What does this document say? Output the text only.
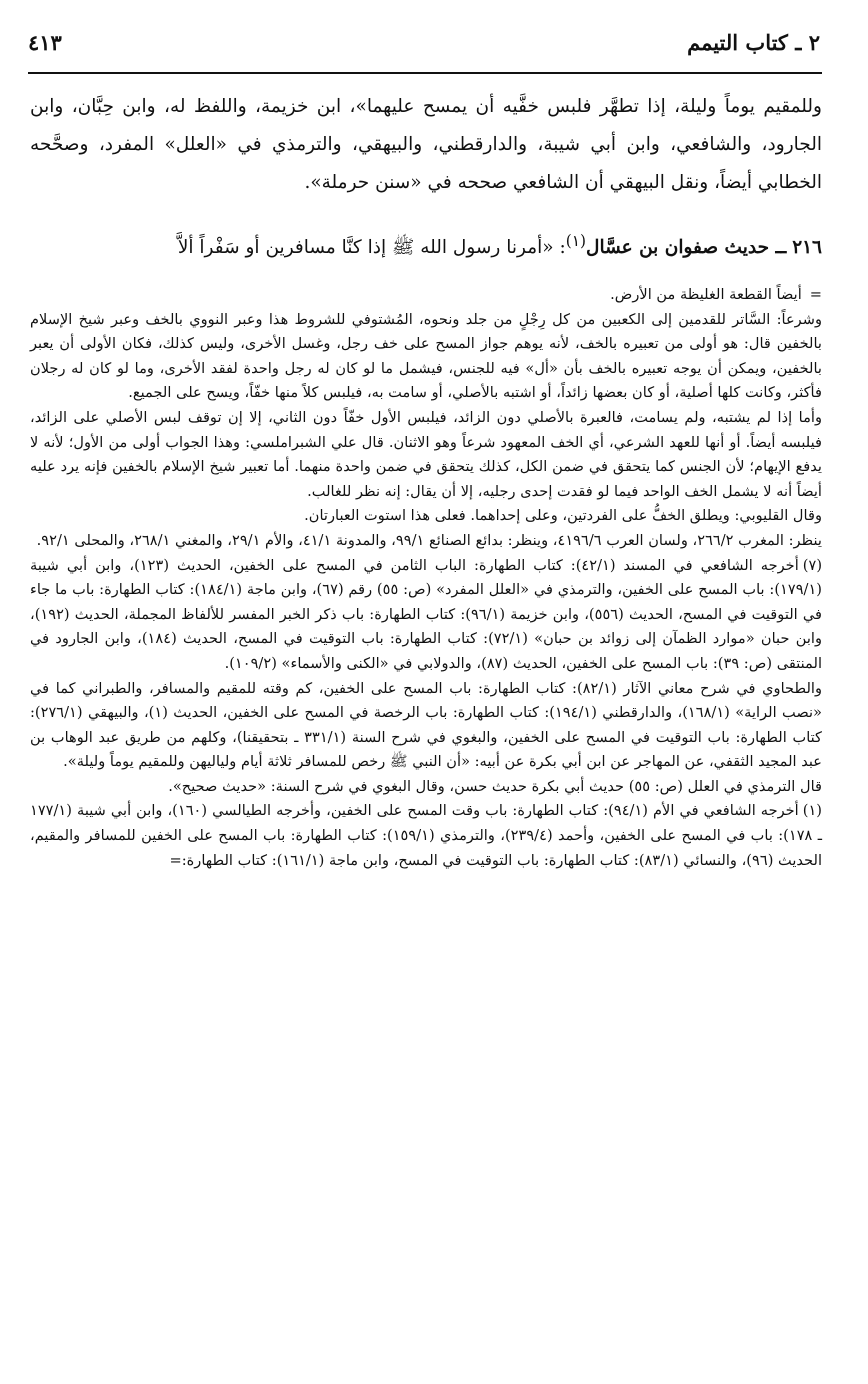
٢ ـ كتاب التيمم
٤١٣

وللمقيم يوماً وليلة، إذا تطهَّر فلبس خفَّيه أن يمسح عليهما»، ابن خزيمة، واللفظ له، وابن حِبَّان، وابن الجارود، والشافعي، وابن أبي شيبة، والدارقطني، والبيهقي، والترمذي في «العلل» المفرد، وصحَّحه الخطابي أيضاً، ونقل البيهقي أن الشافعي صححه في «سنن حرملة».

٢١٦ ــ حديث صفوان بن عسَّال$^{(١)}$: «أمرنا رسول الله ﷺ إذا كنَّا مسافرين أو سَفْراً ألاَّ

=أيضاً القطعة الغليظة من الأرض.

وشرعاً: السَّاتر للقدمين إلى الكعبين من كل رِجْلٍ من جلد ونحوه، المُشتوفي للشروط هذا وعبر النووي بالخف وعبر شيخ الإسلام بالخفين قال: هو أولى من تعبيره بالخف، لأنه يوهم جواز المسح على خف رجل، وغسل الأخرى، وليس كذلك، فكان الأولى أن يعبر بالخفين، ويمكن أن يوجه تعبيره بالخف بأن «أل» فيه للجنس، فيشمل ما لو كان له رجل واحدة لفقد الأخرى، وما لو كان له رجلان فأكثر، وكانت كلها أصلية، أو كان بعضها زائداً، أو اشتبه بالأصلي، أو سامت به، فيلبس كلاً منها خفّاً، ويسح على الجميع.

وأما إذا لم يشتبه، ولم يسامت، فالعبرة بالأصلي دون الزائد، فيلبس الأول خفّاً دون الثاني، إلا إن توقف لبس الأصلي على الزائد، فيلبسه أيضاً. أو أنها للعهد الشرعي، أي الخف المعهود شرعاً وهو الاثنان. قال علي الشبراملسي: وهذا الجواب أولى من الأول؛ لأنه لا يدفع الإيهام؛ لأن الجنس كما يتحقق في ضمن الكل، كذلك يتحقق في ضمن واحدة منهما. أما تعبير شيخ الإسلام بالخفين فإنه يرد عليه أيضاً أنه لا يشمل الخف الواحد فيما لو فقدت إحدى رجليه، إلا أن يقال: إنه نظر للغالب.

وقال القليوبي: ويطلق الخفُّ على الفردتين، وعلى إحداهما. فعلى هذا استوت العبارتان.

ينظر: المغرب ٢٦٦/٢، ولسان العرب ٤١٩٦/٦، وينظر: بدائع الصنائع ٩٩/١، والمدونة ٤١/١، والأم ٢٩/١، والمغني ٢٦٨/١، والمحلى ٩٢/١.

(٧)أخرجه الشافعي في المسند (٤٢/١): كتاب الطهارة: الباب الثامن في المسح على الخفين، الحديث (١٢٣)، وابن أبي شيبة (١٧٩/١): باب المسح على الخفين، والترمذي في «العلل المفرد» (ص: ٥٥) رقم (٦٧)، وابن ماجة (١٨٤/١): كتاب الطهارة: باب ما جاء في التوقيت في المسح، الحديث (٥٥٦)، وابن خزيمة (٩٦/١): كتاب الطهارة: باب ذكر الخبر المفسر للألفاظ المجملة، الحديث (١٩٢)، وابن حبان «موارد الظمآن إلى زوائد بن حبان» (٧٢/١): كتاب الطهارة: باب التوقيت في المسح، الحديث (١٨٤)، وابن الجارود في المنتقى (ص: ٣٩): باب المسح على الخفين، الحديث (٨٧)، والدولابي في «الكنى والأسماء» (١٠٩/٢).

والطحاوي في شرح معاني الآثار (٨٢/١): كتاب الطهارة: باب المسح على الخفين، كم وقته للمقيم والمسافر، والطبراني كما في «نصب الراية» (١٦٨/١)، والدارقطني (١٩٤/١): كتاب الطهارة: باب الرخصة في المسح على الخفين، الحديث (١)، والبيهقي (٢٧٦/١): كتاب الطهارة: باب التوقيت في المسح على الخفين، والبغوي في شرح السنة (٣٣١/١ ـ بتحقيقنا)، وكلهم من طريق عبد الوهاب بن عبد المجيد الثقفي، عن المهاجر عن ابن أبي بكرة عن أبيه: «أن النبي ﷺ رخص للمسافر ثلاثة أيام ولياليهن وللمقيم يوماً وليلة».

قال الترمذي في العلل (ص: ٥٥) حديث أبي بكرة حديث حسن، وقال البغوي في شرح السنة: «حديث صحيح».

(١)أخرجه الشافعي في الأم (٩٤/١): كتاب الطهارة: باب وقت المسح على الخفين، وأخرجه الطيالسي (١٦٠)، وابن أبي شيبة (١٧٧/١ ـ ١٧٨): باب في المسح على الخفين، وأحمد (٢٣٩/٤)، والترمذي (١٥٩/١): كتاب الطهارة: باب المسح على الخفين للمسافر والمقيم، الحديث (٩٦)، والنسائي (٨٣/١): كتاب الطهارة: باب التوقيت في المسح، وابن ماجة (١٦١/١): كتاب الطهارة:=
